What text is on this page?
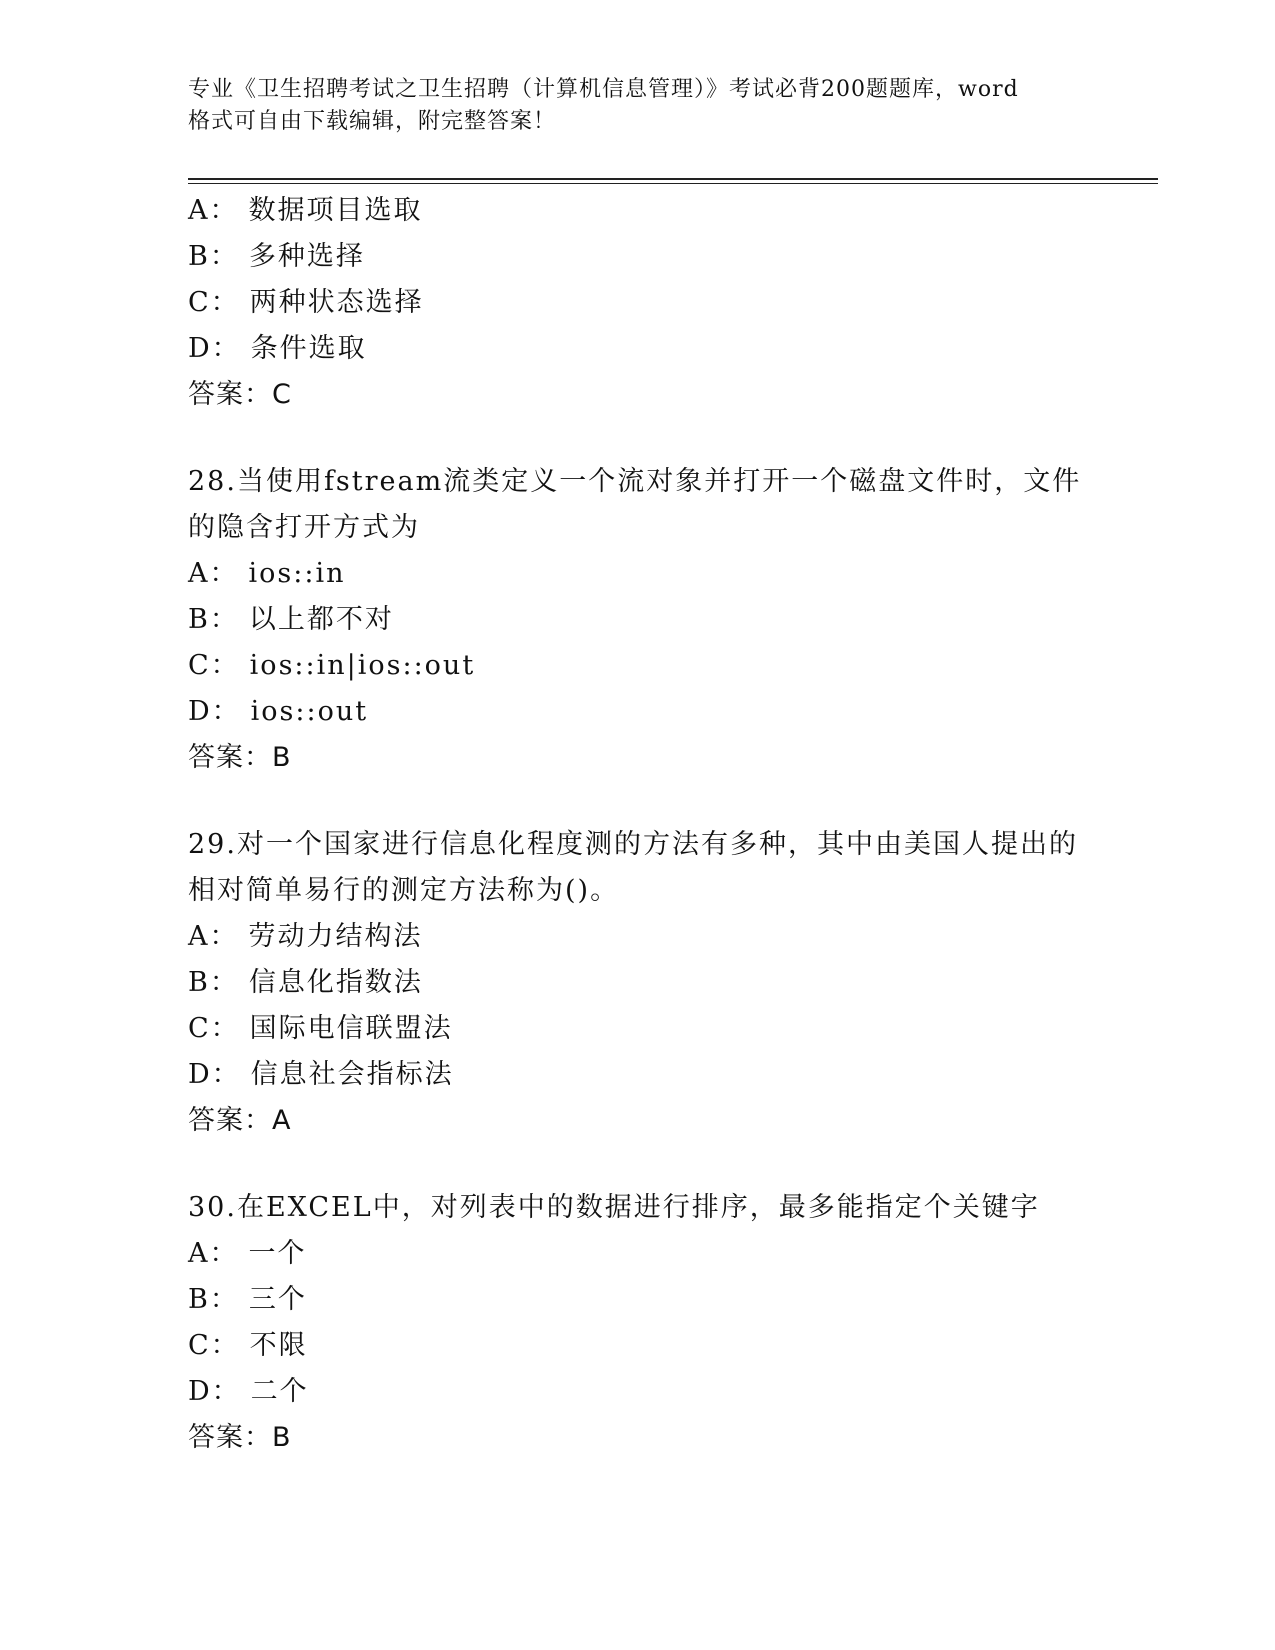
专业《卫生招聘考试之卫生招聘（计算机信息管理）》考试必背200题题库，word
格式可自由下载编辑，附完整答案！
A： 数据项目选取
B： 多种选择
C： 两种状态选择
D： 条件选取
答案：C
28.当使用fstream流类定义一个流对象并打开一个磁盘文件时，文件
的隐含打开方式为
A： ios::in
B： 以上都不对
C： ios::in|ios::out
D： ios::out
答案：B
29.对一个国家进行信息化程度测的方法有多种，其中由美国人提出的
相对简单易行的测定方法称为()。
A： 劳动力结构法
B： 信息化指数法
C： 国际电信联盟法
D： 信息社会指标法
答案：A
30.在EXCEL中，对列表中的数据进行排序，最多能指定个关键字
A： 一个
B： 三个
C： 不限
D： 二个
答案：B
